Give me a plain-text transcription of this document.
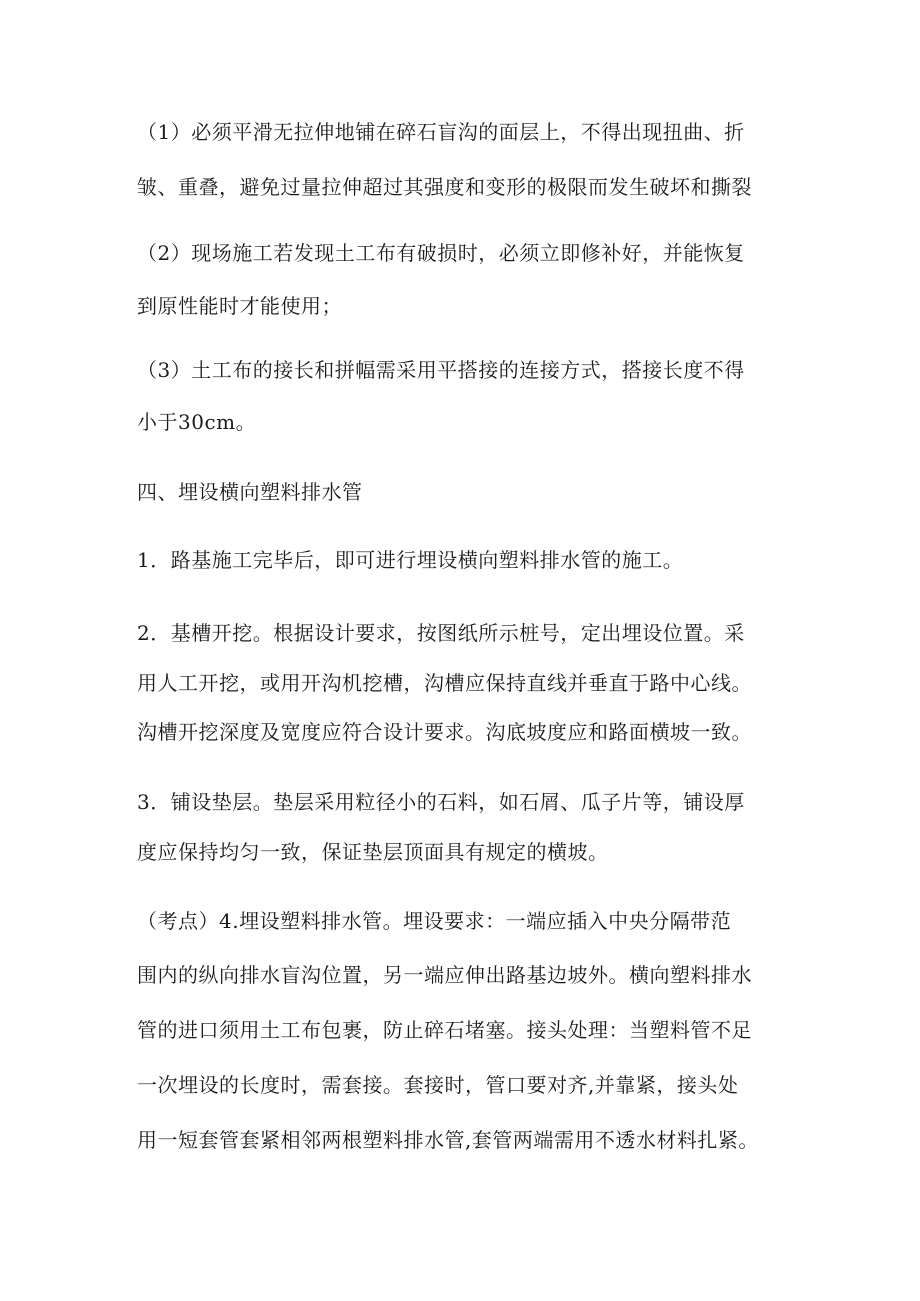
（1）必须平滑无拉伸地铺在碎石盲沟的面层上，不得出现扭曲、折
皱、重叠，避免过量拉伸超过其强度和变形的极限而发生破坏和撕裂
（2）现场施工若发现土工布有破损时，必须立即修补好，并能恢复
到原性能时才能使用；
（3）土工布的接长和拼幅需采用平搭接的连接方式，搭接长度不得
小于30cm。
四、埋设横向塑料排水管
1．路基施工完毕后，即可进行埋设横向塑料排水管的施工。
2．基槽开挖。根据设计要求，按图纸所示桩号，定出埋设位置。采
用人工开挖，或用开沟机挖槽，沟槽应保持直线并垂直于路中心线。
沟槽开挖深度及宽度应符合设计要求。沟底坡度应和路面横坡一致。
3．铺设垫层。垫层采用粒径小的石料，如石屑、瓜子片等，铺设厚
度应保持均匀一致，保证垫层顶面具有规定的横坡。
（考点）4.埋设塑料排水管。埋设要求：一端应插入中央分隔带范
围内的纵向排水盲沟位置，另一端应伸出路基边坡外。横向塑料排水
管的进口须用土工布包裹，防止碎石堵塞。接头处理：当塑料管不足
一次埋设的长度时，需套接。套接时，管口要对齐,并靠紧，接头处
用一短套管套紧相邻两根塑料排水管,套管两端需用不透水材料扎紧。
